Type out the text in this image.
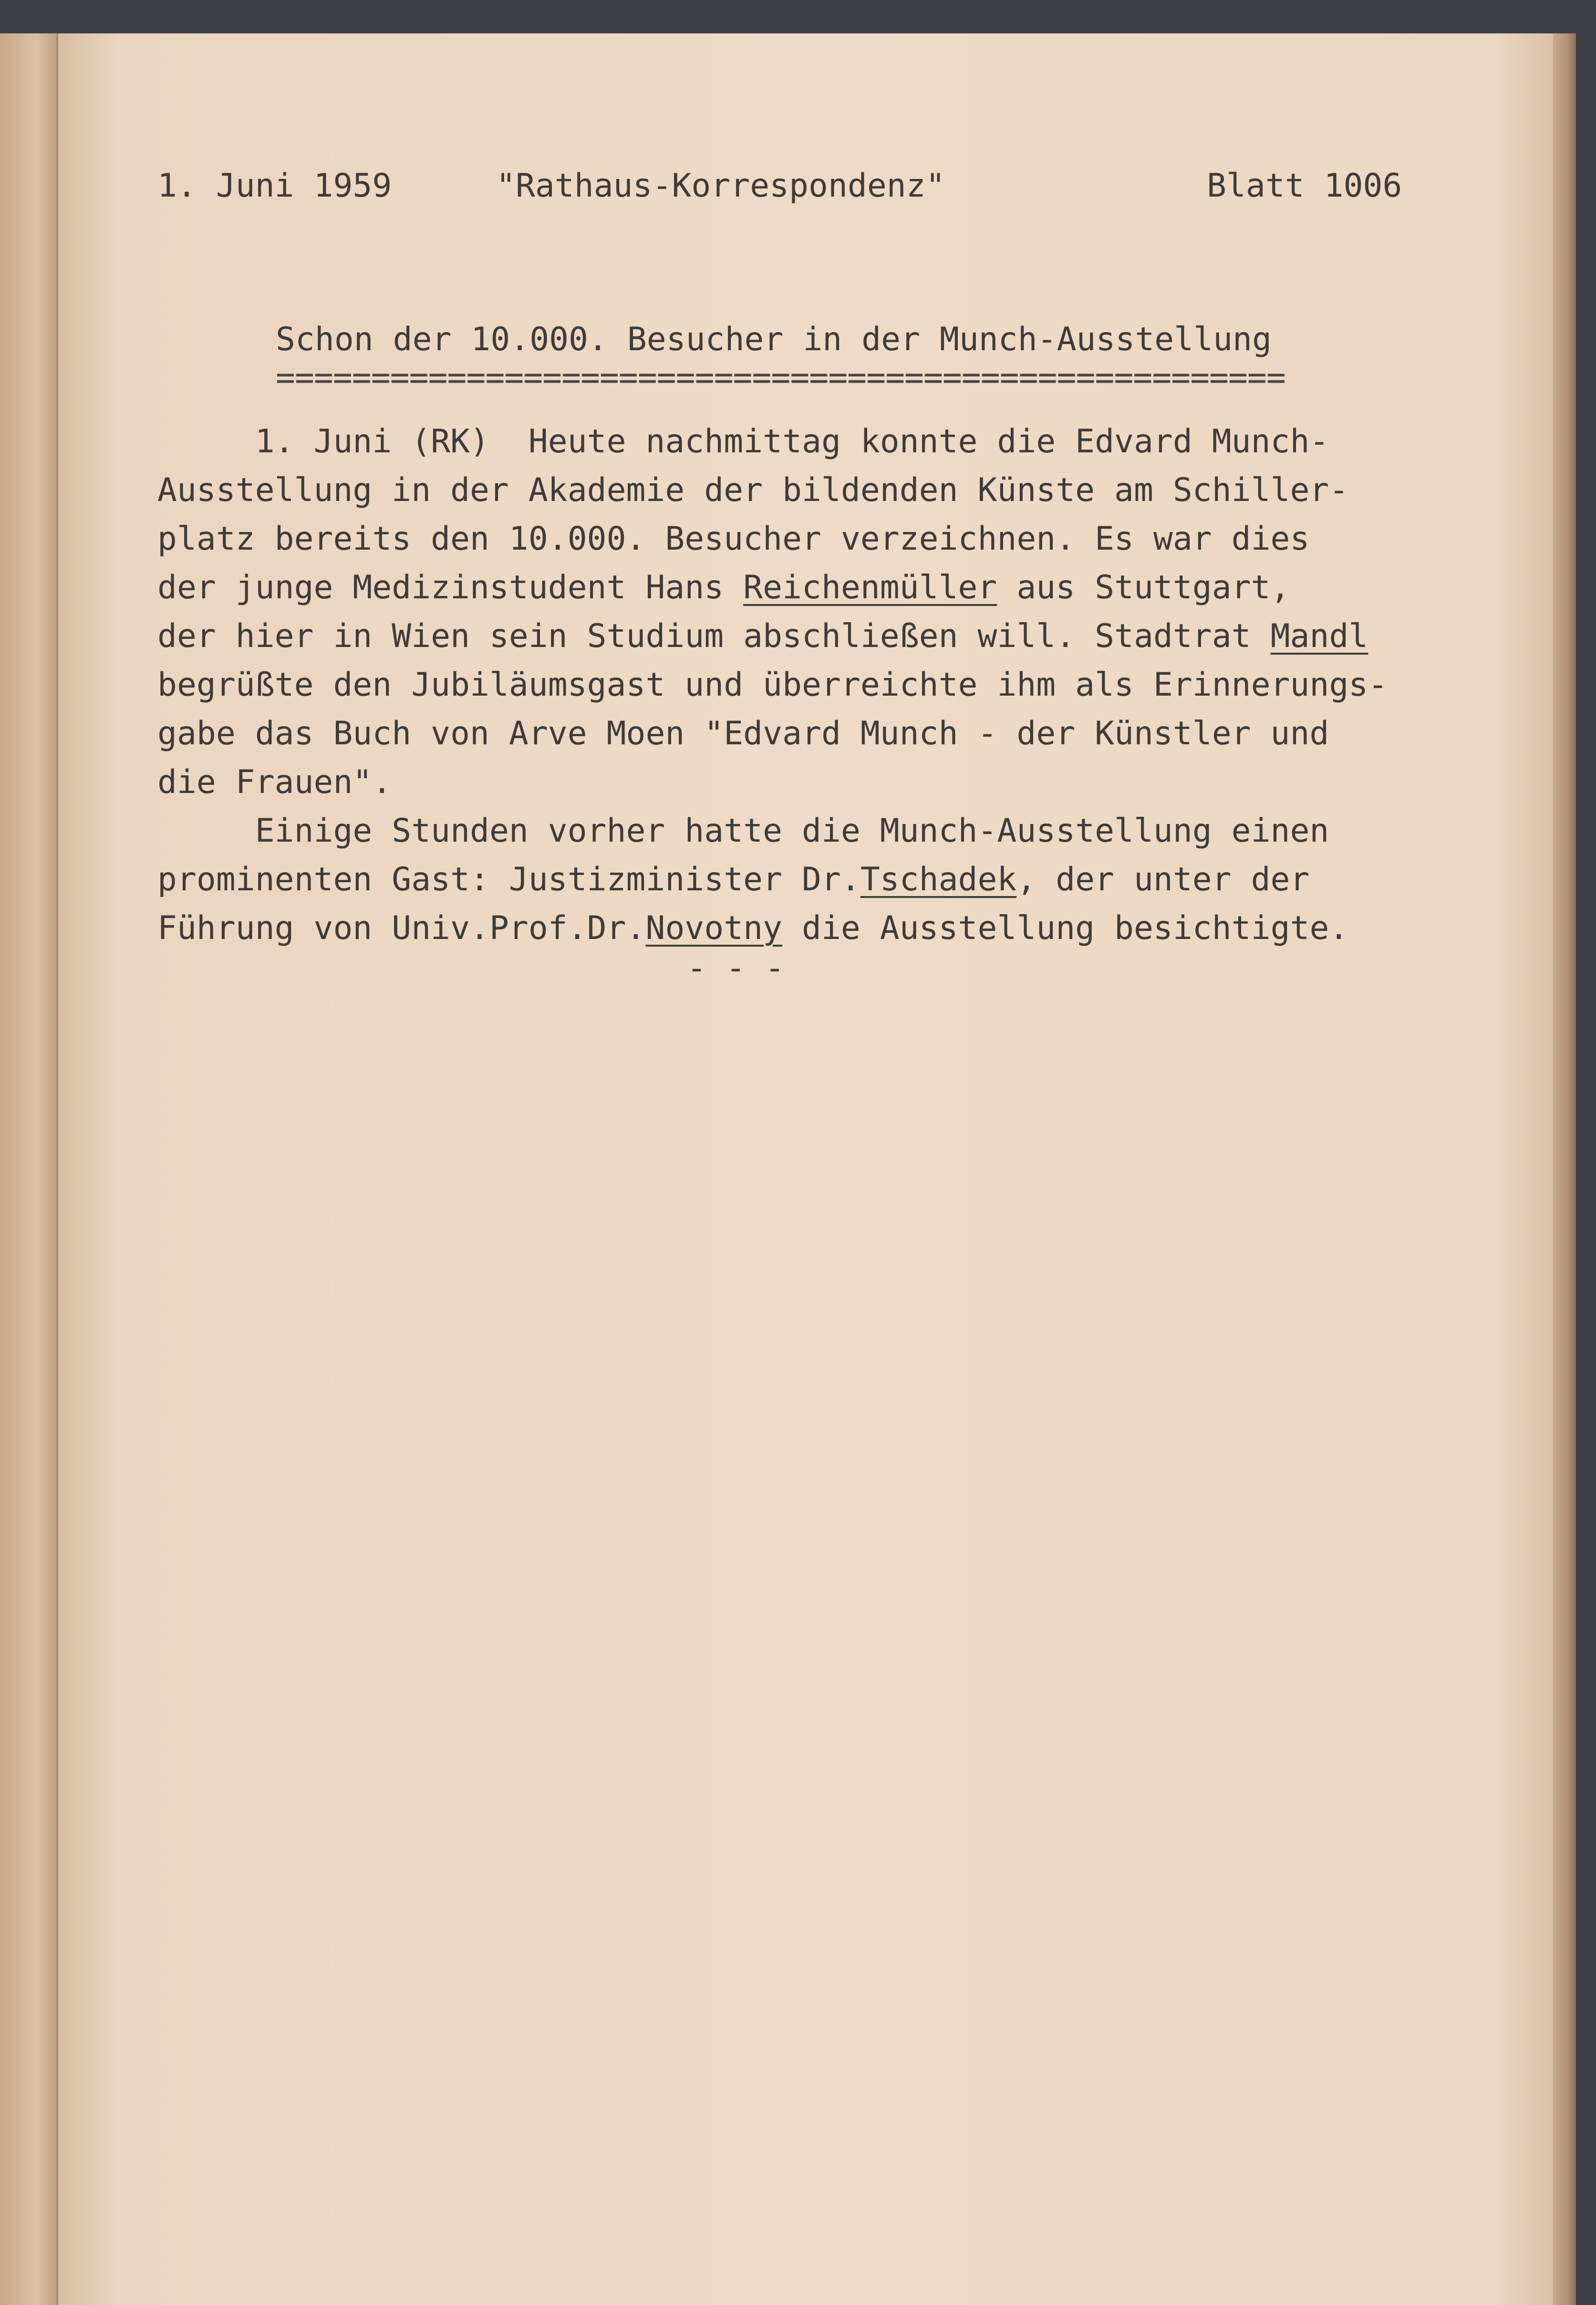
1. Juni 1959	"Rathaus-Korrespondenz"	Blatt 1006
Schon der 10.000. Besucher in der Munch-Ausstellung
=====================================================
1. Juni (RK)  Heute nachmittag konnte die Edvard Munch-
Ausstellung in der Akademie der bildenden Künste am Schiller-
platz bereits den 10.000. Besucher verzeichnen. Es war dies
der junge Medizinstudent Hans Reichenmüller aus Stuttgart,
der hier in Wien sein Studium abschließen will. Stadtrat Mandl
begrüßte den Jubiläumsgast und überreichte ihm als Erinnerungs-
gabe das Buch von Arve Moen "Edvard Munch - der Künstler und
die Frauen".
Einige Stunden vorher hatte die Munch-Ausstellung einen
prominenten Gast: Justizminister Dr.Tschadek, der unter der
Führung von Univ.Prof.Dr.Novotny die Ausstellung besichtigte.
- - -
